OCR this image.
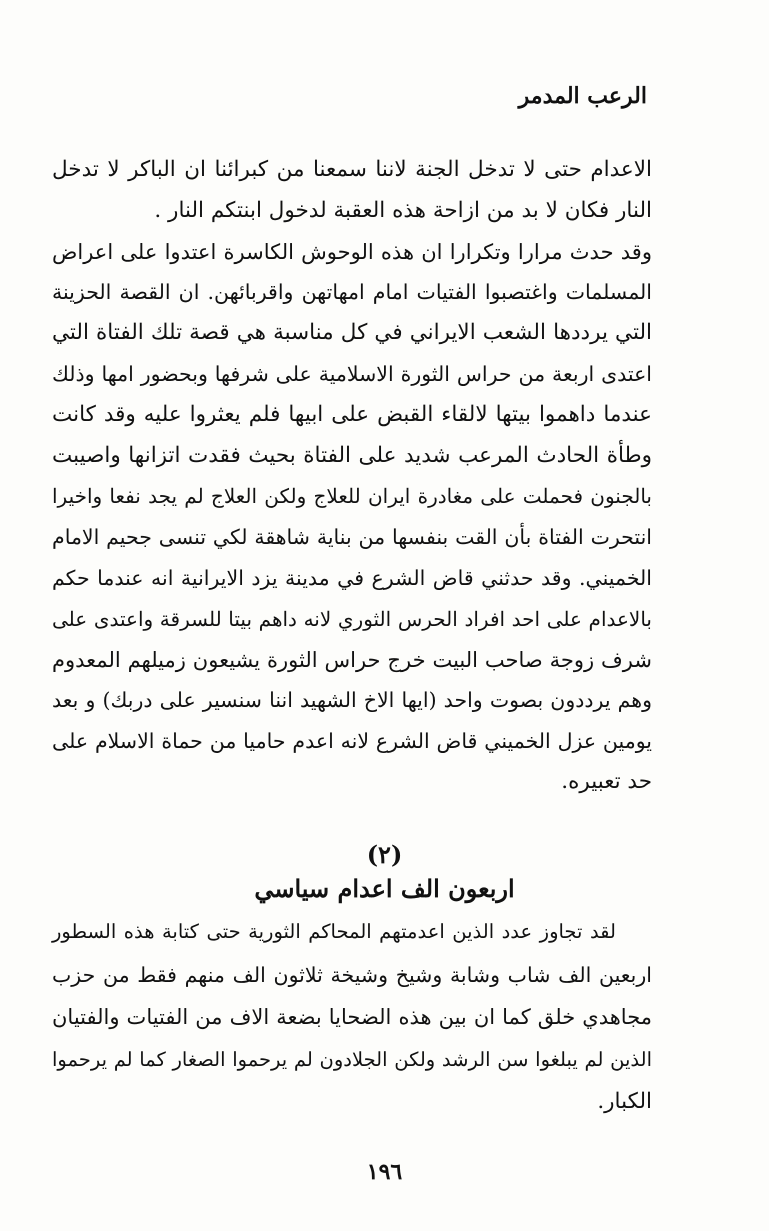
الرعب المدمر
الاعدام حتى لا تدخل الجنة لاننا سمعنا من كبرائنا ان الباكر لا تدخل
النار فكان لا بد من ازاحة هذه العقبة لدخول ابنتكم النار .
وقد حدث مرارا وتكرارا ان هذه الوحوش الكاسرة اعتدوا على اعراض
المسلمات واغتصبوا الفتيات امام امهاتهن واقربائهن. ان القصة الحزينة
التي يرددها الشعب الايراني في كل مناسبة هي قصة تلك الفتاة التي
اعتدى اربعة من حراس الثورة الاسلامية على شرفها وبحضور امها وذلك
عندما داهموا بيتها لالقاء القبض على ابيها فلم يعثروا عليه وقد كانت
وطأة الحادث المرعب شديد على الفتاة بحيث فقدت اتزانها واصيبت
بالجنون فحملت على مغادرة ايران للعلاج ولكن العلاج لم يجد نفعا واخيرا
انتحرت الفتاة بأن القت بنفسها من بناية شاهقة لكي تنسى جحيم الامام
الخميني. وقد حدثني قاض الشرع في مدينة يزد الايرانية انه عندما حكم
بالاعدام على احد افراد الحرس الثوري لانه داهم بيتا للسرقة واعتدى على
شرف زوجة صاحب البيت خرج حراس الثورة يشيعون زميلهم المعدوم
وهم يرددون بصوت واحد (ايها الاخ الشهيد اننا سنسير على دربك) و بعد
يومين عزل الخميني قاض الشرع لانه اعدم حاميا من حماة الاسلام على
حد تعبيره.
(٢)
اربعون الف اعدام سياسي
لقد تجاوز عدد الذين اعدمتهم المحاكم الثورية حتى كتابة هذه السطور
اربعين الف شاب وشابة وشيخ وشيخة ثلاثون الف منهم فقط من حزب
مجاهدي خلق كما ان بين هذه الضحايا بضعة الاف من الفتيات والفتيان
الذين لم يبلغوا سن الرشد ولكن الجلادون لم يرحموا الصغار كما لم يرحموا
الكبار.
١٩٦
